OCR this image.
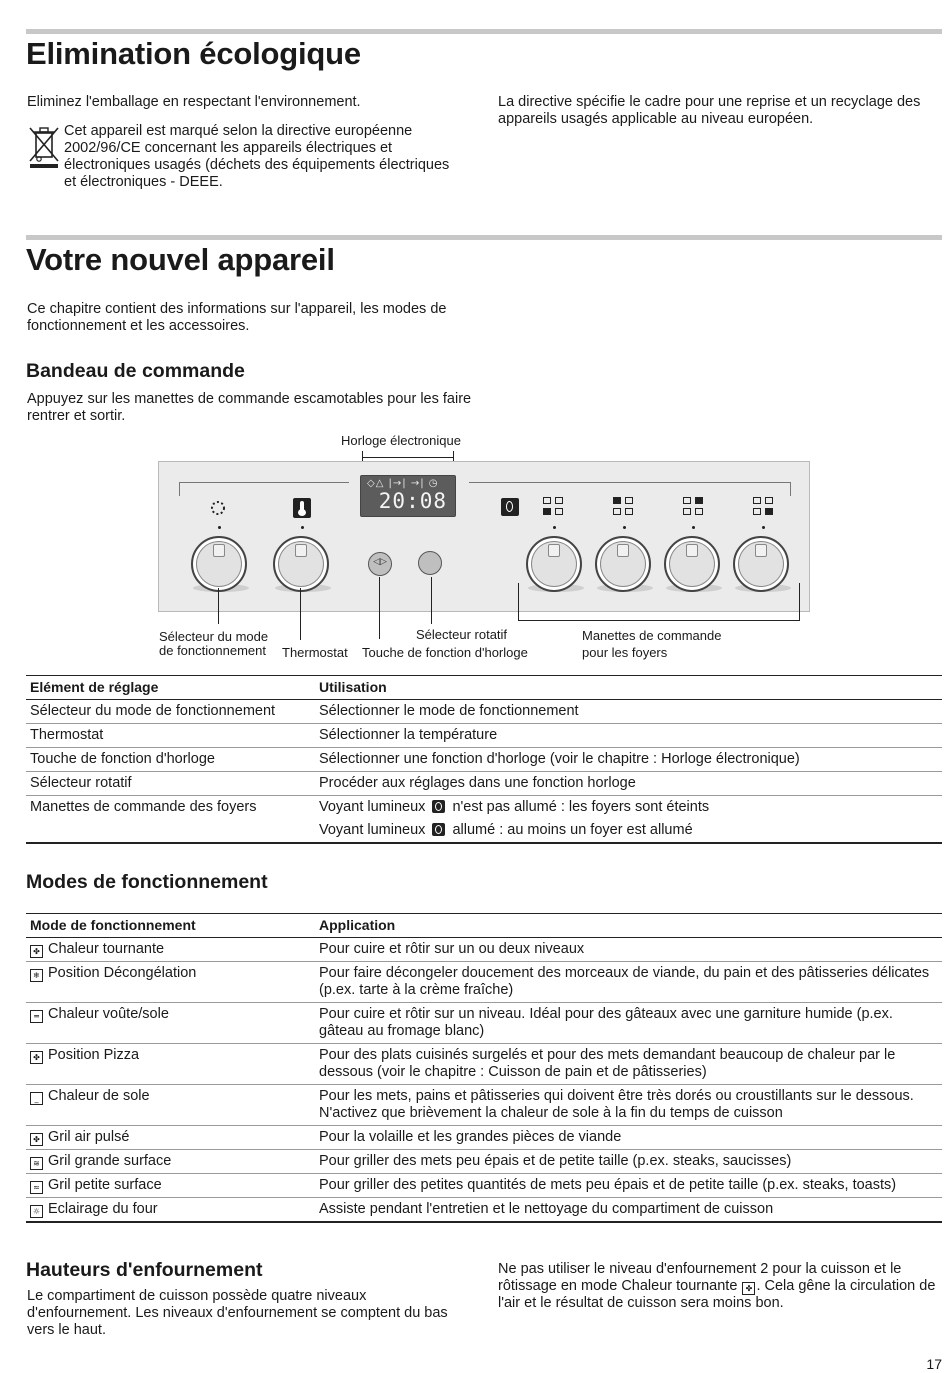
Elimination écologique
Eliminez l'emballage en respectant l'environnement.
Cet appareil est marqué selon la directive européenne 2002/96/CE concernant les appareils électriques et électroniques usagés (déchets des équipements électriques et électroniques - DEEE.
La directive spécifie le cadre pour une reprise et un recyclage des appareils usagés applicable au niveau européen.
Votre nouvel appareil
Ce chapitre contient des informations sur l'appareil, les modes de fonctionnement et les accessoires.
Bandeau de commande
Appuyez sur les manettes de commande escamotables pour les faire rentrer et sortir.
Horloge électronique
◇△ |→| →| ◷
20:08
◁▷
Sélecteur du mode
de fonctionnement Thermostat
Sélecteur rotatif
Touche de fonction d'horloge
Manettes de commande
pour les foyers
Elément de réglage	Utilisation
Sélecteur du mode de fonctionnement	Sélectionner le mode de fonctionnement
Thermostat	Sélectionner la température
Touche de fonction d'horloge	Sélectionner une fonction d'horloge (voir le chapitre : Horloge électronique)
Sélecteur rotatif	Procéder aux réglages dans une fonction horloge
Manettes de commande des foyers	Voyant lumineux n'est pas allumé : les foyers sont éteints
Voyant lumineux allumé : au moins un foyer est allumé
Modes de fonctionnement
Mode de fonctionnement	Application
✤ Chaleur tournante	Pour cuire et rôtir sur un ou deux niveaux
❄ Position Décongélation	Pour faire décongeler doucement des morceaux de viande, du pain et des pâtisseries délicates (p.ex. tarte à la crème fraîche)
═ Chaleur voûte/sole	Pour cuire et rôtir sur un niveau. Idéal pour des gâteaux avec une garniture humide (p.ex. gâteau au fromage blanc)
✤ Position Pizza	Pour des plats cuisinés surgelés et pour des mets demandant beaucoup de chaleur par le dessous (voir le chapitre : Cuisson de pain et de pâtisseries)
_ Chaleur de sole	Pour les mets, pains et pâtisseries qui doivent être très dorés ou croustillants sur le dessous. N'activez que brièvement la chaleur de sole à la fin du temps de cuisson
✤ Gril air pulsé	Pour la volaille et les grandes pièces de viande
≋ Gril grande surface	Pour griller des mets peu épais et de petite taille (p.ex. steaks, saucisses)
≈ Gril petite surface	Pour griller des petites quantités de mets peu épais et de petite taille (p.ex. steaks, toasts)
☼ Eclairage du four	Assiste pendant l'entretien et le nettoyage du compartiment de cuisson
Hauteurs d'enfournement
Le compartiment de cuisson possède quatre niveaux d'enfournement. Les niveaux d'enfournement se comptent du bas vers le haut.
Ne pas utiliser le niveau d'enfournement 2 pour la cuisson et le rôtissage en mode Chaleur tournante ✤ . Cela gêne la circulation de l'air et le résultat de cuisson sera moins bon.
17
